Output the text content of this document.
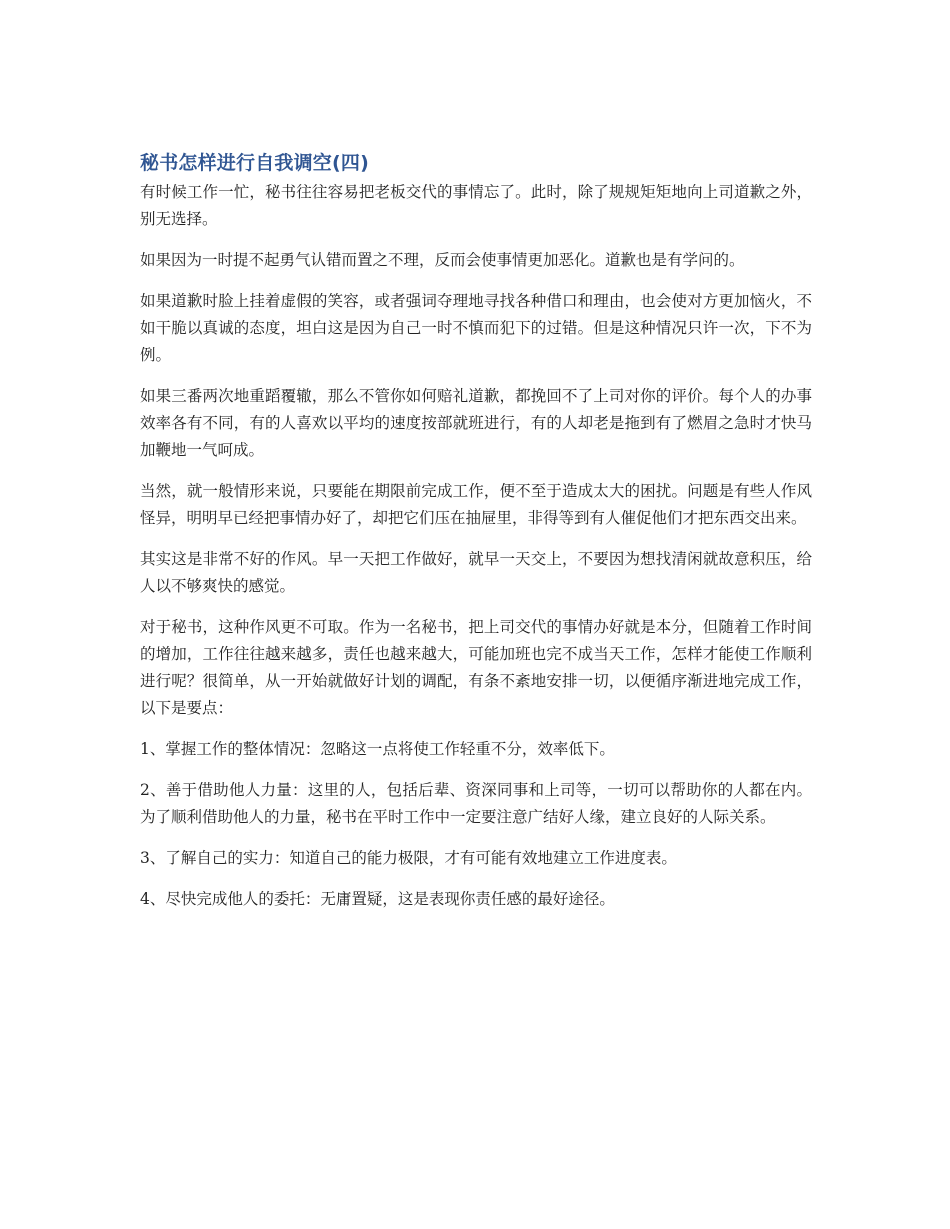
秘书怎样进行自我调空(四)

有时候工作一忙，秘书往往容易把老板交代的事情忘了。此时，除了规规矩矩地向上司道歉之外，别无选择。

如果因为一时提不起勇气认错而置之不理，反而会使事情更加恶化。道歉也是有学问的。

如果道歉时脸上挂着虚假的笑容，或者强词夺理地寻找各种借口和理由，也会使对方更加恼火，不如干脆以真诚的态度，坦白这是因为自己一时不慎而犯下的过错。但是这种情况只许一次，下不为例。

如果三番两次地重蹈覆辙，那么不管你如何赔礼道歉，都挽回不了上司对你的评价。每个人的办事效率各有不同，有的人喜欢以平均的速度按部就班进行，有的人却老是拖到有了燃眉之急时才快马加鞭地一气呵成。

当然，就一般情形来说，只要能在期限前完成工作，便不至于造成太大的困扰。问题是有些人作风怪异，明明早已经把事情办好了，却把它们压在抽屉里，非得等到有人催促他们才把东西交出来。

其实这是非常不好的作风。早一天把工作做好，就早一天交上，不要因为想找清闲就故意积压，给人以不够爽快的感觉。

对于秘书，这种作风更不可取。作为一名秘书，把上司交代的事情办好就是本分，但随着工作时间的增加，工作往往越来越多，责任也越来越大，可能加班也完不成当天工作，怎样才能使工作顺利进行呢？很简单，从一开始就做好计划的调配，有条不紊地安排一切，以便循序渐进地完成工作，以下是要点：

1、掌握工作的整体情况：忽略这一点将使工作轻重不分，效率低下。

2、善于借助他人力量：这里的人，包括后辈、资深同事和上司等，一切可以帮助你的人都在内。为了顺利借助他人的力量，秘书在平时工作中一定要注意广结好人缘，建立良好的人际关系。

3、了解自己的实力：知道自己的能力极限，才有可能有效地建立工作进度表。

4、尽快完成他人的委托：无庸置疑，这是表现你责任感的最好途径。
